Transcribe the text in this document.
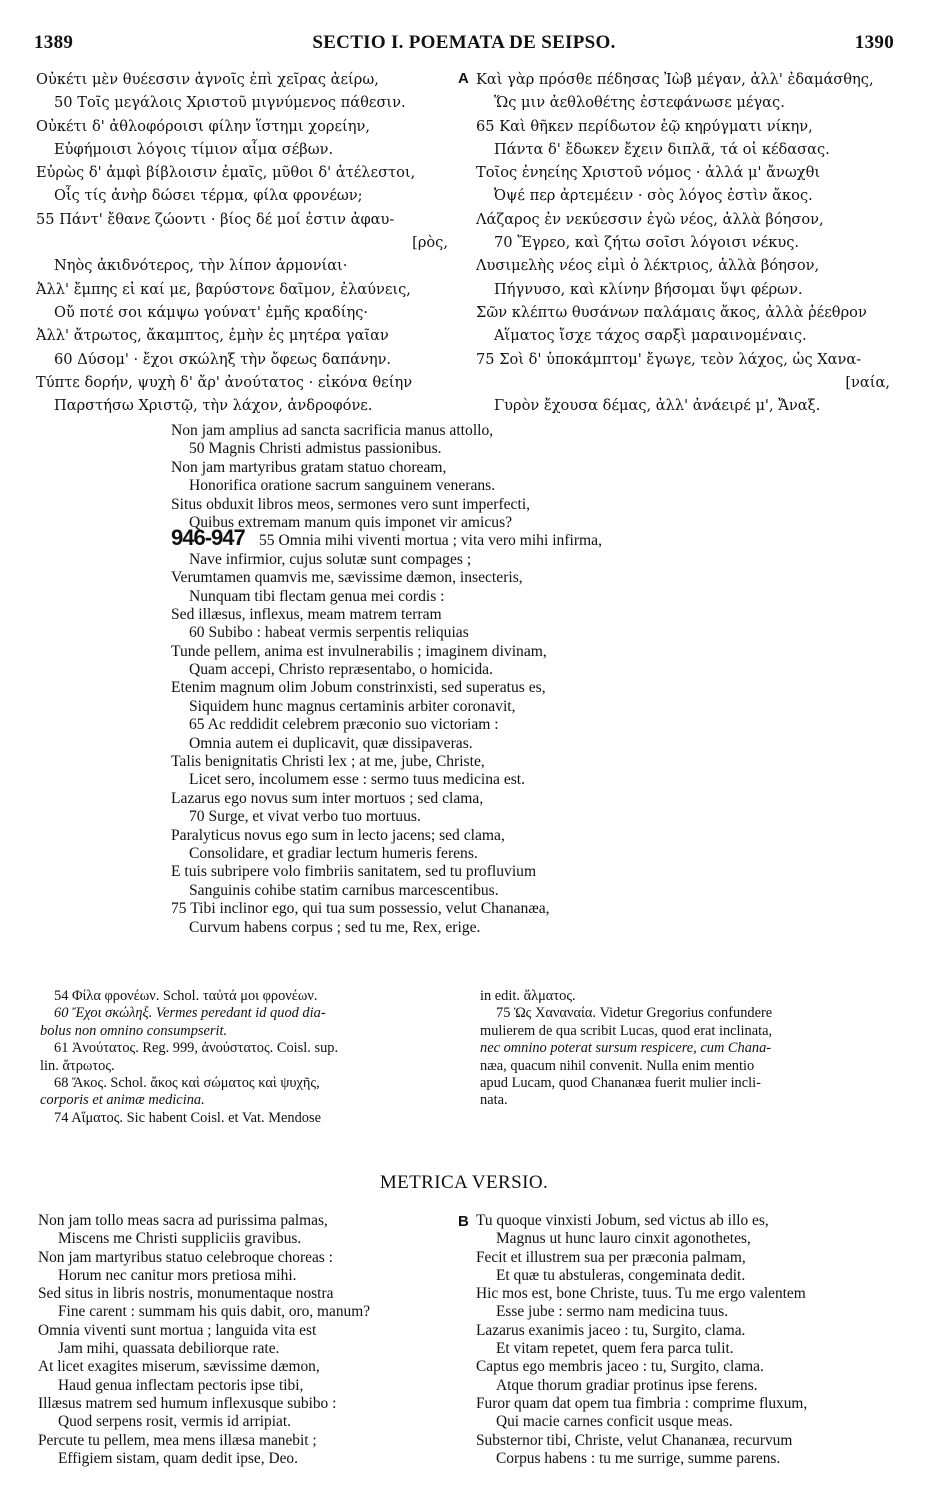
1389	SECTIO I. POEMATA DE SEIPSO.	1390
Οὐκέτι μὲν θυέεσσιν ἁγνοῖς ἐπὶ χεῖρας ἀείρω,
50 Τοῖς μεγάλοις Χριστοῦ μιγνύμενος πάθεσιν.
Οὐκέτι δ' ἀθλοφόροισι φίλην ἵστημι χορείην,
Εὐφήμοισι λόγοις τίμιον αἷμα σέβων.
Εὐρὼς δ' ἀμφὶ βίβλοισιν ἐμαῖς, μῦθοι δ' ἀτέλεστοι,
Οἷς τίς ἀνὴρ δώσει τέρμα, φίλα φρονέων;
55 Πάντ' ἔθανε ζώοντι · βίος δέ μοί ἐστιν ἀφαυ-
[ρὸς,
Νηὸς ἀκιδνότερος, τὴν λίπον ἁρμονίαι·
Ἀλλ' ἔμπης εἰ καί με, βαρύστονε δαῖμον, ἐλαύνεις,
Οὔ ποτέ σοι κάμψω γούνατ' ἐμῆς κραδίης·
Ἀλλ' ἄτρωτος, ἄκαμπτος, ἐμὴν ἐς μητέρα γαῖαν
60 Δύσομ' · ἔχοι σκώληξ τὴν ὄφεως δαπάνην.
Τύπτε δορήν, ψυχὴ δ' ἄρ' ἀνούτατος · εἰκόνα θείην
Παρστήσω Χριστῷ, τὴν λάχον, ἀνδροφόνε.
A Καὶ γὰρ πρόσθε πέδησας Ἰὼβ μέγαν, ἀλλ' ἐδαμάσθης,
Ὥς μιν ἀεθλοθέτης ἐστεφάνωσε μέγας.
65 Καὶ θῆκεν περίδωτον ἑῷ κηρύγματι νίκην,
Πάντα δ' ἔδωκεν ἔχειν διπλᾶ, τά οἱ κέδασας.
Τοῖος ἐνηείης Χριστοῦ νόμος · ἀλλά μ' ἄνωχθι
Ὀψέ περ ἀρτεμέειν · σὸς λόγος ἐστὶν ἄκος.
Λάζαρος ἐν νεκύεσσιν ἐγὼ νέος, ἀλλὰ βόησον,
70 Ἔγρεο, καὶ ζήτω σοῖσι λόγοισι νέκυς.
Λυσιμελὴς νέος εἰμὶ ὁ λέκτριος, ἀλλὰ βόησον,
Πήγνυσο, καὶ κλίνην βήσομαι ὕψι φέρων.
Σῶν κλέπτω θυσάνων παλάμαις ἄκος, ἀλλὰ ῥέεθρον
Αἵματος ἴσχε τάχος σαρξὶ μαραινομέναις.
75 Σοὶ δ' ὑποκάμπτομ' ἔγωγε, τεὸν λάχος, ὡς Χανα-
[ναία,
Γυρὸν ἔχουσα δέμας, ἀλλ' ἀνάειρέ μ', Ἄναξ.
Non jam amplius ad sancta sacrificia manus attollo,
50 Magnis Christi admistus passionibus.
Non jam martyribus gratam statuo choream,
Honorifica oratione sacrum sanguinem venerans.
Situs obduxit libros meos, sermones vero sunt imperfecti,
Quibus extremam manum quis imponet vir amicus?
946-947 55 Omnia mihi viventi mortua ; vita vero mihi infirma,
Nave infirmior, cujus solutæ sunt compages ;
Verumtamen quamvis me, sævissime dæmon, insecteris,
Nunquam tibi flectam genua mei cordis :
Sed illæsus, inflexus, meam matrem terram
60 Subibo : habeat vermis serpentis reliquias
Tunde pellem, anima est invulnerabilis ; imaginem divinam,
Quam accepi, Christo repræsentabo, o homicida.
Etenim magnum olim Jobum constrinxisti, sed superatus es,
Siquidem hunc magnus certaminis arbiter coronavit,
65 Ac reddidit celebrem præconio suo victoriam :
Omnia autem ei duplicavit, quæ dissipaveras.
Talis benignitatis Christi lex ; at me, jube, Christe,
Licet sero, incolumem esse : sermo tuus medicina est.
Lazarus ego novus sum inter mortuos ; sed clama,
70 Surge, et vivat verbo tuo mortuus.
Paralyticus novus ego sum in lecto jacens; sed clama,
Consolidare, et gradiar lectum humeris ferens.
E tuis subripere volo fimbriis sanitatem, sed tu profluvium
Sanguinis cohibe statim carnibus marcescentibus.
75 Tibi inclinor ego, qui tua sum possessio, velut Chananæa,
Curvum habens corpus ; sed tu me, Rex, erige.
54 Φίλα φρονέων. Schol. ταὐτά μοι φρονέων.
60 Ἔχοι σκώληξ. Vermes peredant id quod dia-
bolus non omnino consumpserit.
61 Ἀνούτατος. Reg. 999, ἀνούστατος. Coisl. sup.
lin. ἄτρωτος.
68 Ἄκος. Schol. ἄκος καὶ σώματος καὶ ψυχῆς,
corporis et animæ medicina.
74 Αἵματος. Sic habent Coisl. et Vat. Mendose
in edit. ἅλματος.
75 Ὡς Χαναναία. Videtur Gregorius confundere
mulierem de qua scribit Lucas, quod erat inclinata,
nec omnino poterat sursum respicere, cum Chana-
næa, quacum nihil convenit. Nulla enim mentio
apud Lucam, quod Chananæa fuerit mulier incli-
nata.
METRICA VERSIO.
Non jam tollo meas sacra ad purissima palmas,
Miscens me Christi suppliciis gravibus.
Non jam martyribus statuo celebroque choreas :
Horum nec canitur mors pretiosa mihi.
Sed situs in libris nostris, monumentaque nostra
Fine carent : summam his quis dabit, oro, manum?
Omnia viventi sunt mortua ; languida vita est
Jam mihi, quassata debiliorque rate.
At licet exagites miserum, sævissime dæmon,
Haud genua inflectam pectoris ipse tibi,
Illæsus matrem sed humum inflexusque subibo :
Quod serpens rosit, vermis id arripiat.
Percute tu pellem, mea mens illæsa manebit ;
Effigiem sistam, quam dedit ipse, Deo.
B Tu quoque vinxisti Jobum, sed victus ab illo es,
Magnus ut hunc lauro cinxit agonothetes,
Fecit et illustrem sua per præconia palmam,
Et quæ tu abstuleras, congeminata dedit.
Hic mos est, bone Christe, tuus. Tu me ergo valentem
Esse jube : sermo nam medicina tuus.
Lazarus exanimis jaceo : tu, Surgito, clama.
Et vitam repetet, quem fera parca tulit.
Captus ego membris jaceo : tu, Surgito, clama.
Atque thorum gradiar protinus ipse ferens.
Furor quam dat opem tua fimbria : comprime fluxum,
Qui macie carnes conficit usque meas.
Substernor tibi, Christe, velut Chananæa, recurvum
Corpus habens : tu me surrige, summe parens.
